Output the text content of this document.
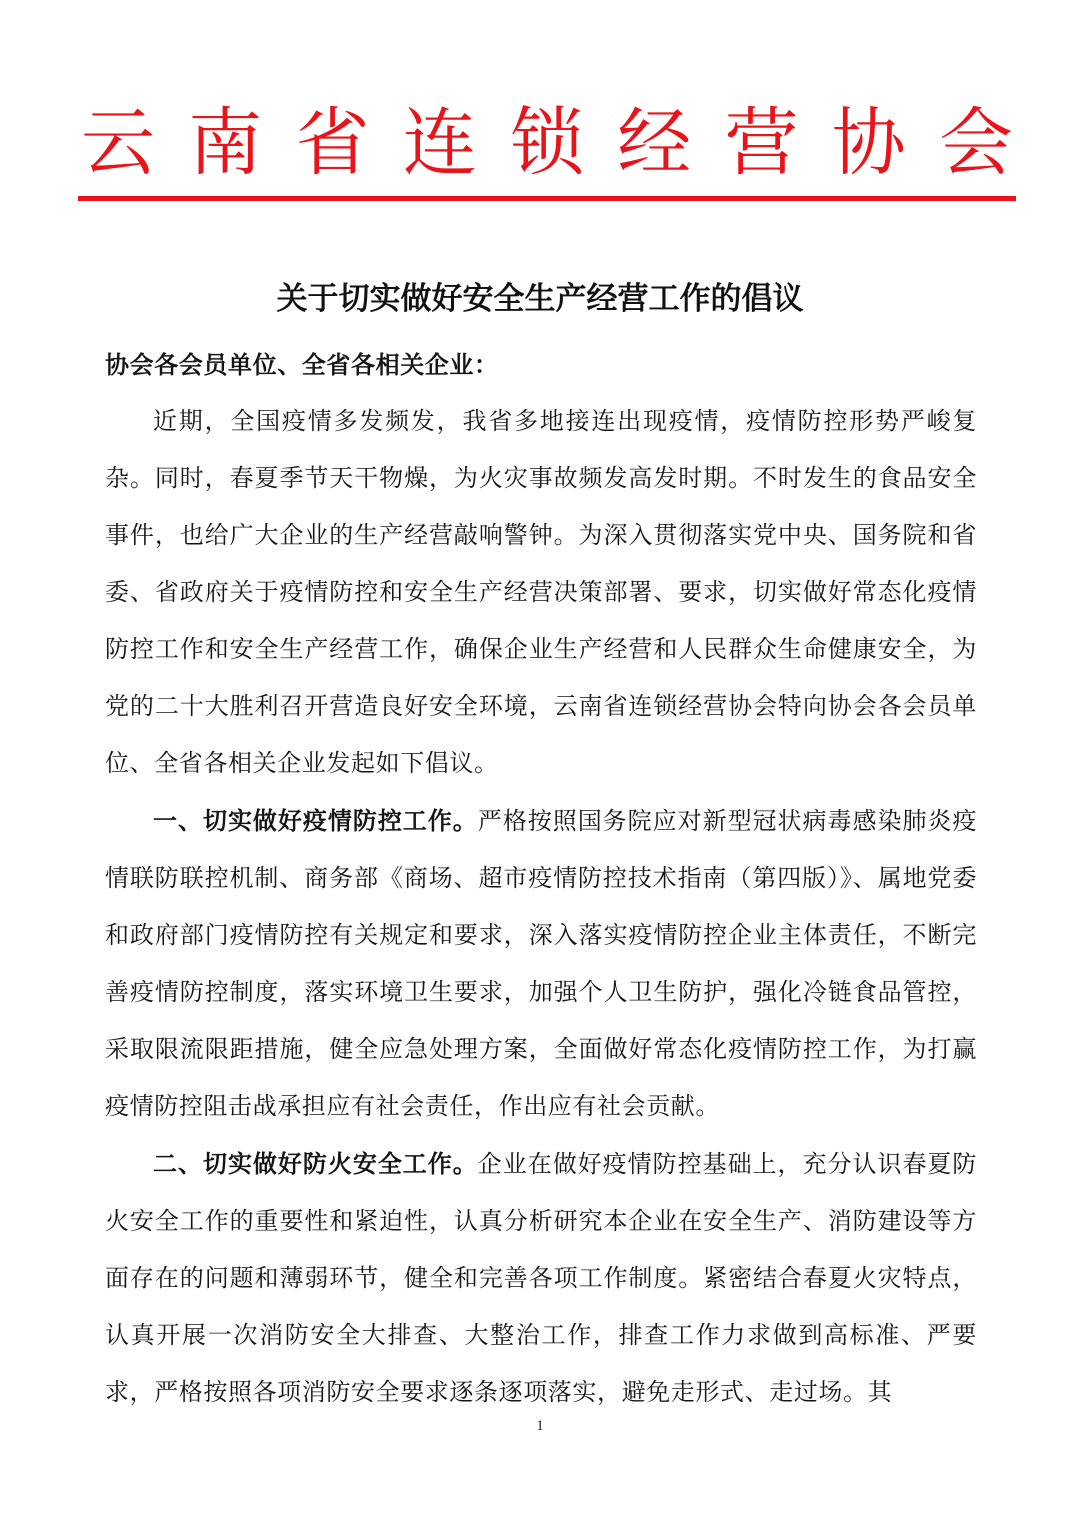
云 南 省 连 锁 经 营 协 会
关于切实做好安全生产经营工作的倡议

协会各会员单位、全省各相关企业：

近期，全国疫情多发频发，我省多地接连出现疫情，疫情防控形势严峻复杂。同时，春夏季节天干物燥，为火灾事故频发高发时期。不时发生的食品安全事件，也给广大企业的生产经营敲响警钟。为深入贯彻落实党中央、国务院和省委、省政府关于疫情防控和安全生产经营决策部署、要求，切实做好常态化疫情防控工作和安全生产经营工作，确保企业生产经营和人民群众生命健康安全，为党的二十大胜利召开营造良好安全环境，云南省连锁经营协会特向协会各会员单位、全省各相关企业发起如下倡议。

一、切实做好疫情防控工作。严格按照国务院应对新型冠状病毒感染肺炎疫情联防联控机制、商务部《商场、超市疫情防控技术指南（第四版）》、属地党委和政府部门疫情防控有关规定和要求，深入落实疫情防控企业主体责任，不断完善疫情防控制度，落实环境卫生要求，加强个人卫生防护，强化冷链食品管控，采取限流限距措施，健全应急处理方案，全面做好常态化疫情防控工作，为打赢疫情防控阻击战承担应有社会责任，作出应有社会贡献。

二、切实做好防火安全工作。企业在做好疫情防控基础上，充分认识春夏防火安全工作的重要性和紧迫性，认真分析研究本企业在安全生产、消防建设等方面存在的问题和薄弱环节，健全和完善各项工作制度。紧密结合春夏火灾特点，认真开展一次消防安全大排查、大整治工作，排查工作力求做到高标准、严要求，严格按照各项消防安全要求逐条逐项落实，避免走形式、走过场。其

1
